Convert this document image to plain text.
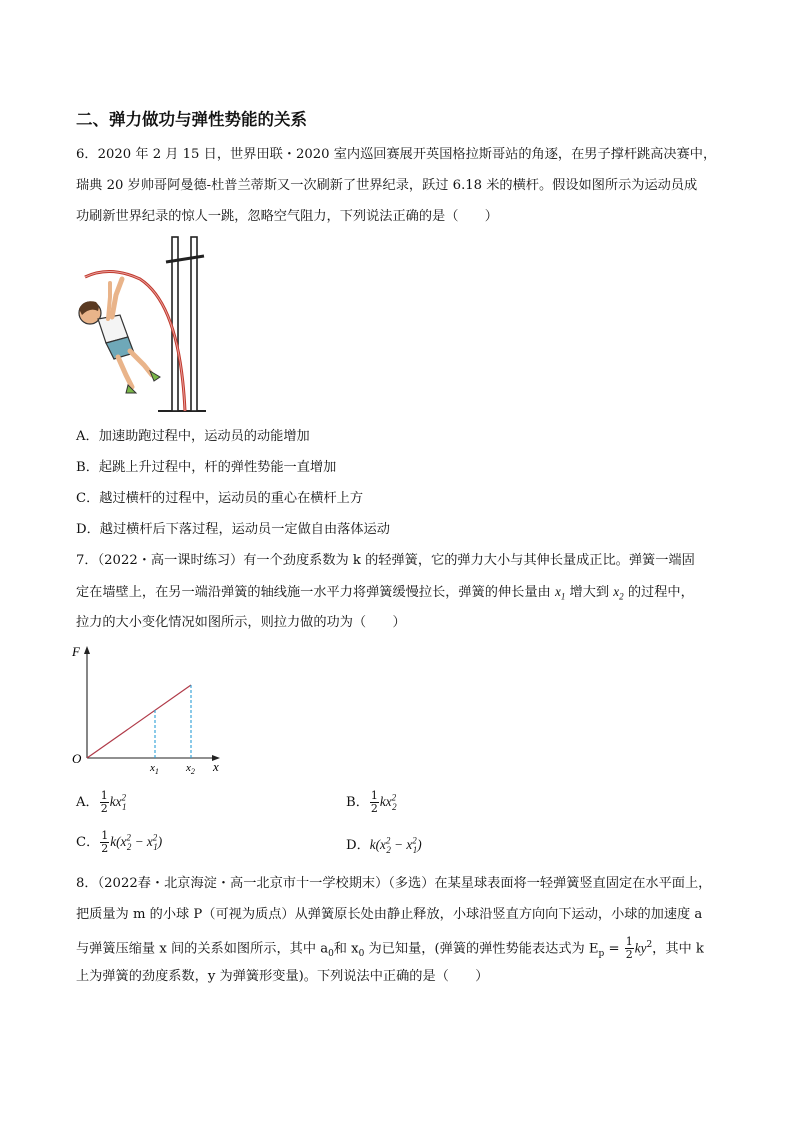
二、弹力做功与弹性势能的关系
6．2020 年 2 月 15 日，世界田联・2020 室内巡回赛展开英国格拉斯哥站的角逐，在男子撑杆跳高决赛中，
瑞典 20 岁帅哥阿曼德-杜普兰蒂斯又一次刷新了世界纪录，跃过 6.18 米的横杆。假设如图所示为运动员成
功刷新世界纪录的惊人一跳，忽略空气阻力，下列说法正确的是（　　）
A．加速助跑过程中，运动员的动能增加
B．起跳上升过程中，杆的弹性势能一直增加
C．越过横杆的过程中，运动员的重心在横杆上方
D．越过横杆后下落过程，运动员一定做自由落体运动
7．（2022・高一课时练习）有一个劲度系数为 k 的轻弹簧，它的弹力大小与其伸长量成正比。弹簧一端固
定在墙壁上，在另一端沿弹簧的轴线施一水平力将弹簧缓慢拉长，弹簧的伸长量由 $x_1$ 增大到 $x_2$ 的过程中，
拉力的大小变化情况如图所示，则拉力做的功为（　　）
F
O
x
$x_1$ $x_2$
A． $\frac{1}{2} kx^2_1$	B． $\frac{1}{2} kx^2_2$
C． $\frac{1}{2} k(x^2_2 - x^2_1)$	D．$k(x^2_2 - x^2_1)$
8．（2022春・北京海淀・高一北京市十一学校期末）（多选）在某星球表面将一轻弹簧竖直固定在水平面上，
把质量为 m 的小球 P（可视为质点）从弹簧原长处由静止释放，小球沿竖直方向向下运动，小球的加速度 a
与弹簧压缩量 x 间的关系如图所示，其中 $a_0$和 $x_0$ 为已知量，(弹簧的弹性势能表达式为 $E_p = \frac{1}{2} ky^2$，其中 k
上为弹簧的劲度系数，y 为弹簧形变量)。下列说法中正确的是（　　）
